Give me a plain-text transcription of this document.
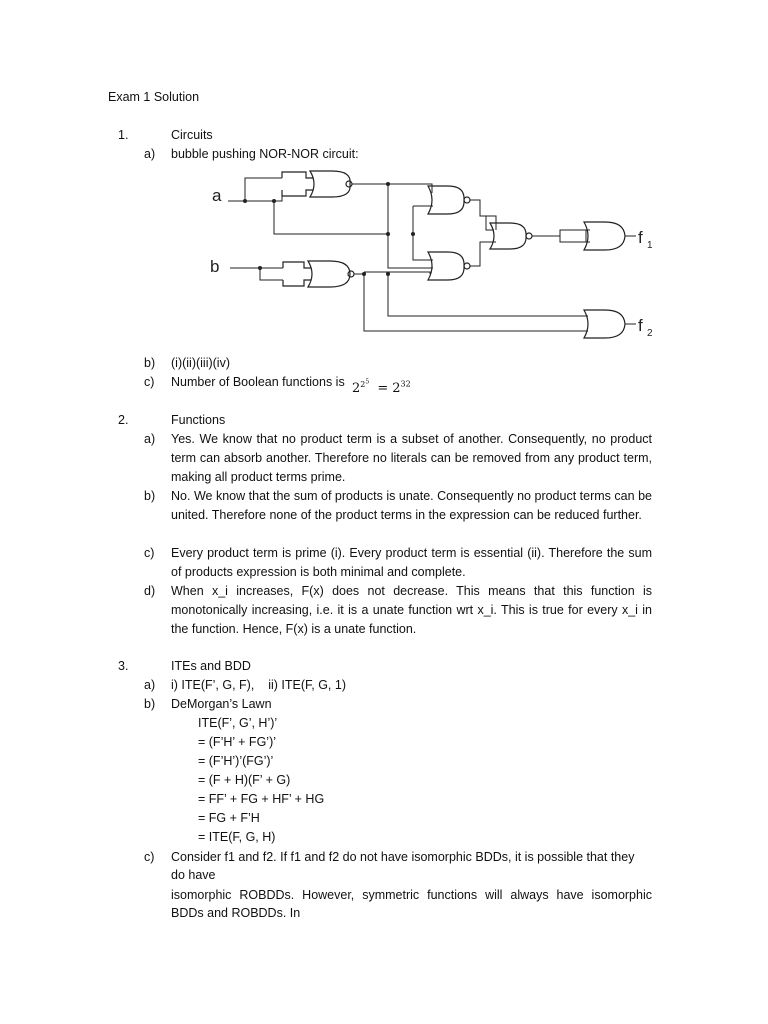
Exam 1 Solution
1.	Circuits
a) bubble pushing NOR-NOR circuit:
a
b
f 1
f 2
b) (i)(ii)(iii)(iv)
c) Number of Boolean functions is $2^{2^5} = 2^{32}$
2.	Functions
a) Yes. We know that no product term is a subset of another. Consequently, no product term can absorb another. Therefore no literals can be removed from any product term, making all product terms prime.
b) No. We know that the sum of products is unate. Consequently no product terms can be united. Therefore none of the product terms in the expression can be reduced further.
c) Every product term is prime (i). Every product term is essential (ii). Therefore the sum of products expression is both minimal and complete.
d) When x_i increases, F(x) does not decrease. This means that this function is monotonically increasing, i.e. it is a unate function wrt x_i. This is true for every x_i in the function. Hence, F(x) is a unate function.
3.	ITEs and BDD
a) i) ITE(F’, G, F),    ii) ITE(F, G, 1)
b) DeMorgan’s Lawn
ITE(F’, G’, H’)’
= (F’H’ + FG’)’
= (F’H’)’(FG’)’
= (F + H)(F’ + G)
= FF’ + FG + HF’ + HG
= FG + F’H
= ITE(F, G, H)
c) Consider f1 and f2. If f1 and f2 do not have isomorphic BDDs, it is possible that they
do have
isomorphic ROBDDs. However, symmetric functions will always have isomorphic
BDDs and ROBDDs. In
